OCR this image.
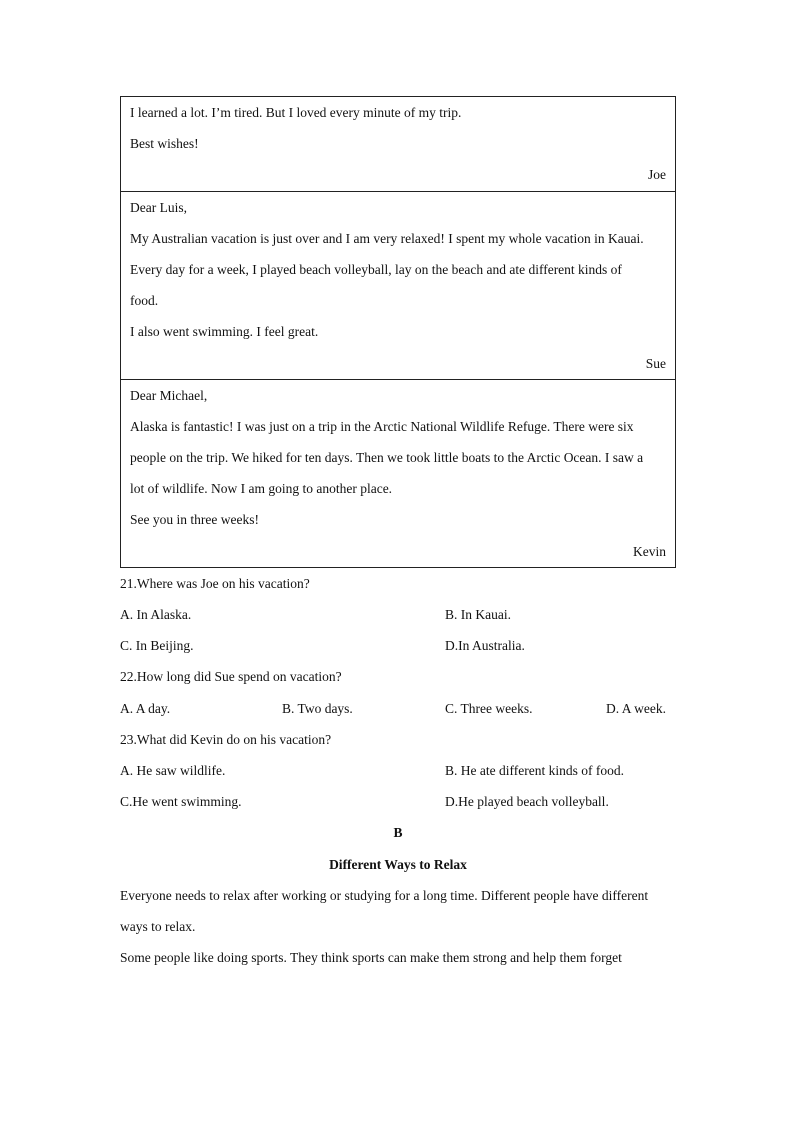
I learned a lot. I’m tired. But I loved every minute of my trip.
Best wishes!
Joe
Dear Luis,
My Australian vacation is just over and I am very relaxed! I spent my whole vacation in Kauai.
Every day for a week, I played beach volleyball, lay on the beach and ate different kinds of
food.
I also went swimming. I feel great.
Sue
Dear Michael,
Alaska is fantastic! I was just on a trip in the Arctic National Wildlife Refuge. There were six
people on the trip. We hiked for ten days. Then we took little boats to the Arctic Ocean. I saw a
lot of wildlife. Now I am going to another place.
See you in three weeks!
Kevin
21.Where was Joe on his vacation?
A. In Alaska.	B. In Kauai.
C. In Beijing.	D.In Australia.
22.How long did Sue spend on vacation?
A. A day.	B. Two days.	C. Three weeks.	D. A week.
23.What did Kevin do on his vacation?
A. He saw wildlife.	B. He ate different kinds of food.
C.He went swimming.	D.He played beach volleyball.
B
Different Ways to Relax
Everyone needs to relax after working or studying for a long time. Different people have different
ways to relax.
Some people like doing sports. They think sports can make them strong and help them forget
